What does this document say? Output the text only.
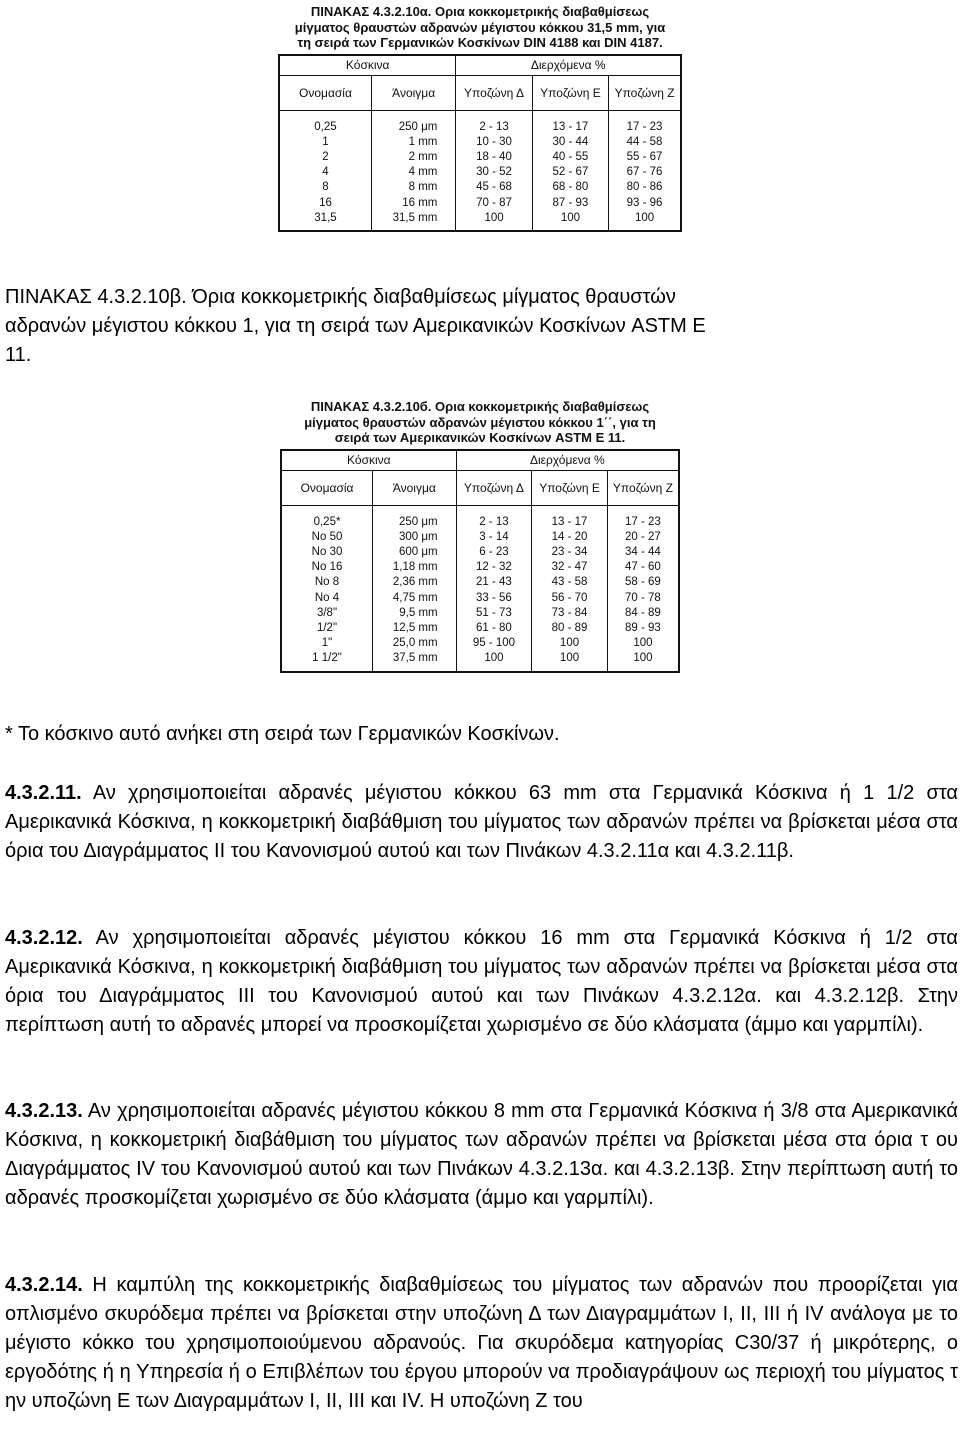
ΠΙΝΑΚΑΣ 4.3.2.10α. Ορια κοκκομετρικής διαβαθμίσεως
μίγματος θραυστών αδρανών μέγιστου κόκκου 31,5 mm, για
τη σειρά των Γερμανικών Κοσκίνων DIN 4188 και DIN 4187.
Κόσκινα		Διερχόμενα %		
Ονομασία	Άνοιγμα	Υποζώνη Δ	Υποζώνη Ε	Υποζώνη Ζ

0,25	250 μm	2 - 13	13 - 17	17 - 23
1	1 mm	10 - 30	30 - 44	44 - 58
2	2 mm	18 - 40	40 - 55	55 - 67
4	4 mm	30 - 52	52 - 67	67 - 76
8	8 mm	45 - 68	68 - 80	80 - 86
16	16 mm	70 - 87	87 - 93	93 - 96
31,5	31,5 mm	100	100	100

ΠΙΝΑΚΑΣ 4.3.2.10β. Όρια κοκκομετρικής διαβαθμίσεως μίγματος θραυστών
αδρανών μέγιστου κόκκου 1, για τη σειρά των Αμερικανικών Κοσκίνων ASTM E
11.

ΠΙΝΑΚΑΣ 4.3.2.10б. Ορια κοκκομετρικής διαβαθμίσεως
μίγματος θραυστών αδρανών μέγιστου κόκκου 1΄΄, για τη
σειρά των Αμερικανικών Κοσκίνων ASTM E 11.
Κόσκινα		Διερχόμενα %		
Ονομασία	Άνοιγμα	Υποζώνη Δ	Υποζώνη Ε	Υποζώνη Ζ

0,25*	250 μm	2 - 13	13 - 17	17 - 23
No 50	300 μm	3 - 14	14 - 20	20 - 27
No 30	600 μm	6 - 23	23 - 34	34 - 44
No 16	1,18 mm	12 - 32	32 - 47	47 - 60
No 8	2,36 mm	21 - 43	43 - 58	58 - 69
No 4	4,75 mm	33 - 56	56 - 70	70 - 78
3/8"	9,5 mm	51 - 73	73 - 84	84 - 89
1/2"	12,5 mm	61 - 80	80 - 89	89 - 93
1"	25,0 mm	95 - 100	100	100
1 1/2"	37,5 mm	100	100	100

* Το κόσκινο αυτό ανήκει στη σειρά των Γερμανικών Κοσκίνων.

4.3.2.11. Αν χρησιμοποιείται αδρανές μέγιστου κόκκου 63 mm στα Γερμανικά Κόσκινα ή 1 1/2 στα Αμερικανικά Κόσκινα, η κοκκομετρική διαβάθμιση του μίγματος των αδρανών πρέπει να βρίσκεται μέσα στα όρια του Διαγράμματος ΙΙ του Κανονισμού αυτού και των Πινάκων 4.3.2.11α και 4.3.2.11β.

4.3.2.12. Αν χρησιμοποιείται αδρανές μέγιστου κόκκου 16 mm στα Γερμανικά Κόσκινα ή 1/2 στα Αμερικανικά Κόσκινα, η κοκκομετρική διαβάθμιση του μίγματος των αδρανών πρέπει να βρίσκεται μέσα στα όρια του Διαγράμματος ΙΙΙ του Κανονισμού αυτού και των Πινάκων 4.3.2.12α. και 4.3.2.12β. Στην περίπτωση αυτή το αδρανές μπορεί να προσκομίζεται χωρισμένο σε δύο κλάσματα (άμμο και γαρμπίλι).

4.3.2.13. Αν χρησιμοποιείται αδρανές μέγιστου κόκκου 8 mm στα Γερμανικά Κόσκινα ή 3/8 στα Αμερικανικά Κόσκινα, η κοκκομετρική διαβάθμιση του μίγματος των αδρανών πρέπει να βρίσκεται μέσα στα όρια τ ου Διαγράμματος ΙV του Κανονισμού αυτού και των Πινάκων 4.3.2.13α. και 4.3.2.13β. Στην περίπτωση αυτή το αδρανές προσκομίζεται χωρισμένο σε δύο κλάσματα (άμμο και γαρμπίλι).

4.3.2.14. Η καμπύλη της κοκκομετρικής διαβαθμίσεως του μίγματος των αδρανών που προορίζεται για οπλισμένο σκυρόδεμα πρέπει να βρίσκεται στην υποζώνη Δ των Διαγραμμάτων Ι, ΙΙ, ΙΙΙ ή ΙV ανάλογα με το μέγιστο κόκκο του χρησιμοποιούμενου αδρανούς. Για σκυρόδεμα κατηγορίας C30/37 ή μικρότερης, ο εργοδότης ή η Υπηρεσία ή ο Επιβλέπων του έργου μπορούν να προδιαγράψουν ως περιοχή του μίγματος τ ην υποζώνη Ε των Διαγραμμάτων Ι, ΙΙ, ΙΙΙ και ΙV. Η υποζώνη Ζ του
